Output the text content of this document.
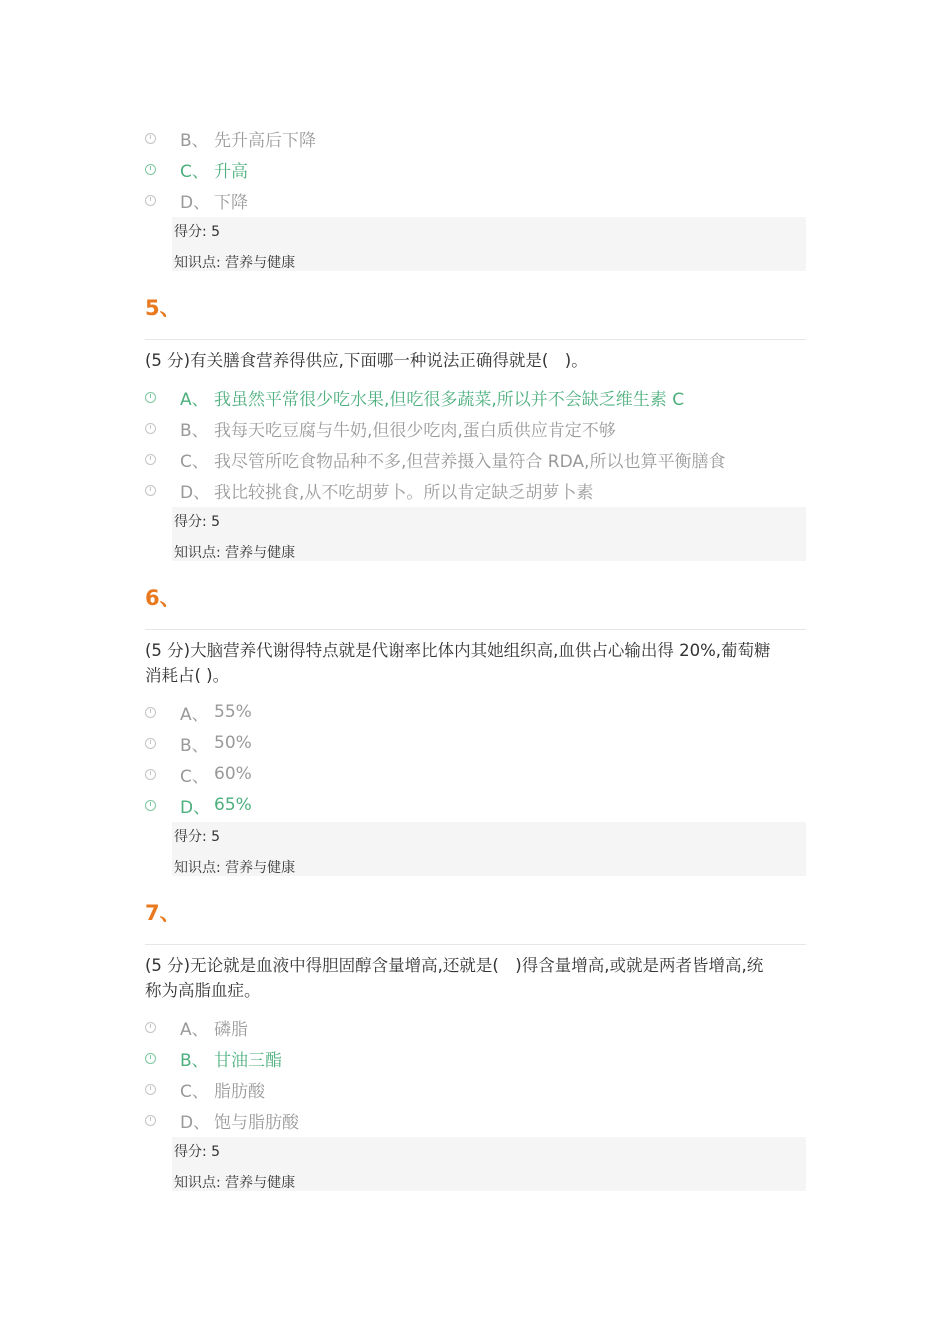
B、 先升高后下降
C、 升高
D、 下降
得分: 5
知识点: 营养与健康
5、
(5 分)有关膳食营养得供应,下面哪一种说法正确得就是(　)。
A、 我虽然平常很少吃水果,但吃很多蔬菜,所以并不会缺乏维生素 C
B、 我每天吃豆腐与牛奶,但很少吃肉,蛋白质供应肯定不够
C、 我尽管所吃食物品种不多,但营养摄入量符合 RDA,所以也算平衡膳食
D、 我比较挑食,从不吃胡萝卜。所以肯定缺乏胡萝卜素
得分: 5
知识点: 营养与健康
6、
(5 分)大脑营养代谢得特点就是代谢率比体内其她组织高,血供占心输出得 20%,葡萄糖
消耗占( )。
A、 55%
B、 50%
C、 60%
D、 65%
得分: 5
知识点: 营养与健康
7、
(5 分)无论就是血液中得胆固醇含量增高,还就是(　)得含量增高,或就是两者皆增高,统
称为高脂血症。
A、 磷脂
B、 甘油三酯
C、 脂肪酸
D、 饱与脂肪酸
得分: 5
知识点: 营养与健康
